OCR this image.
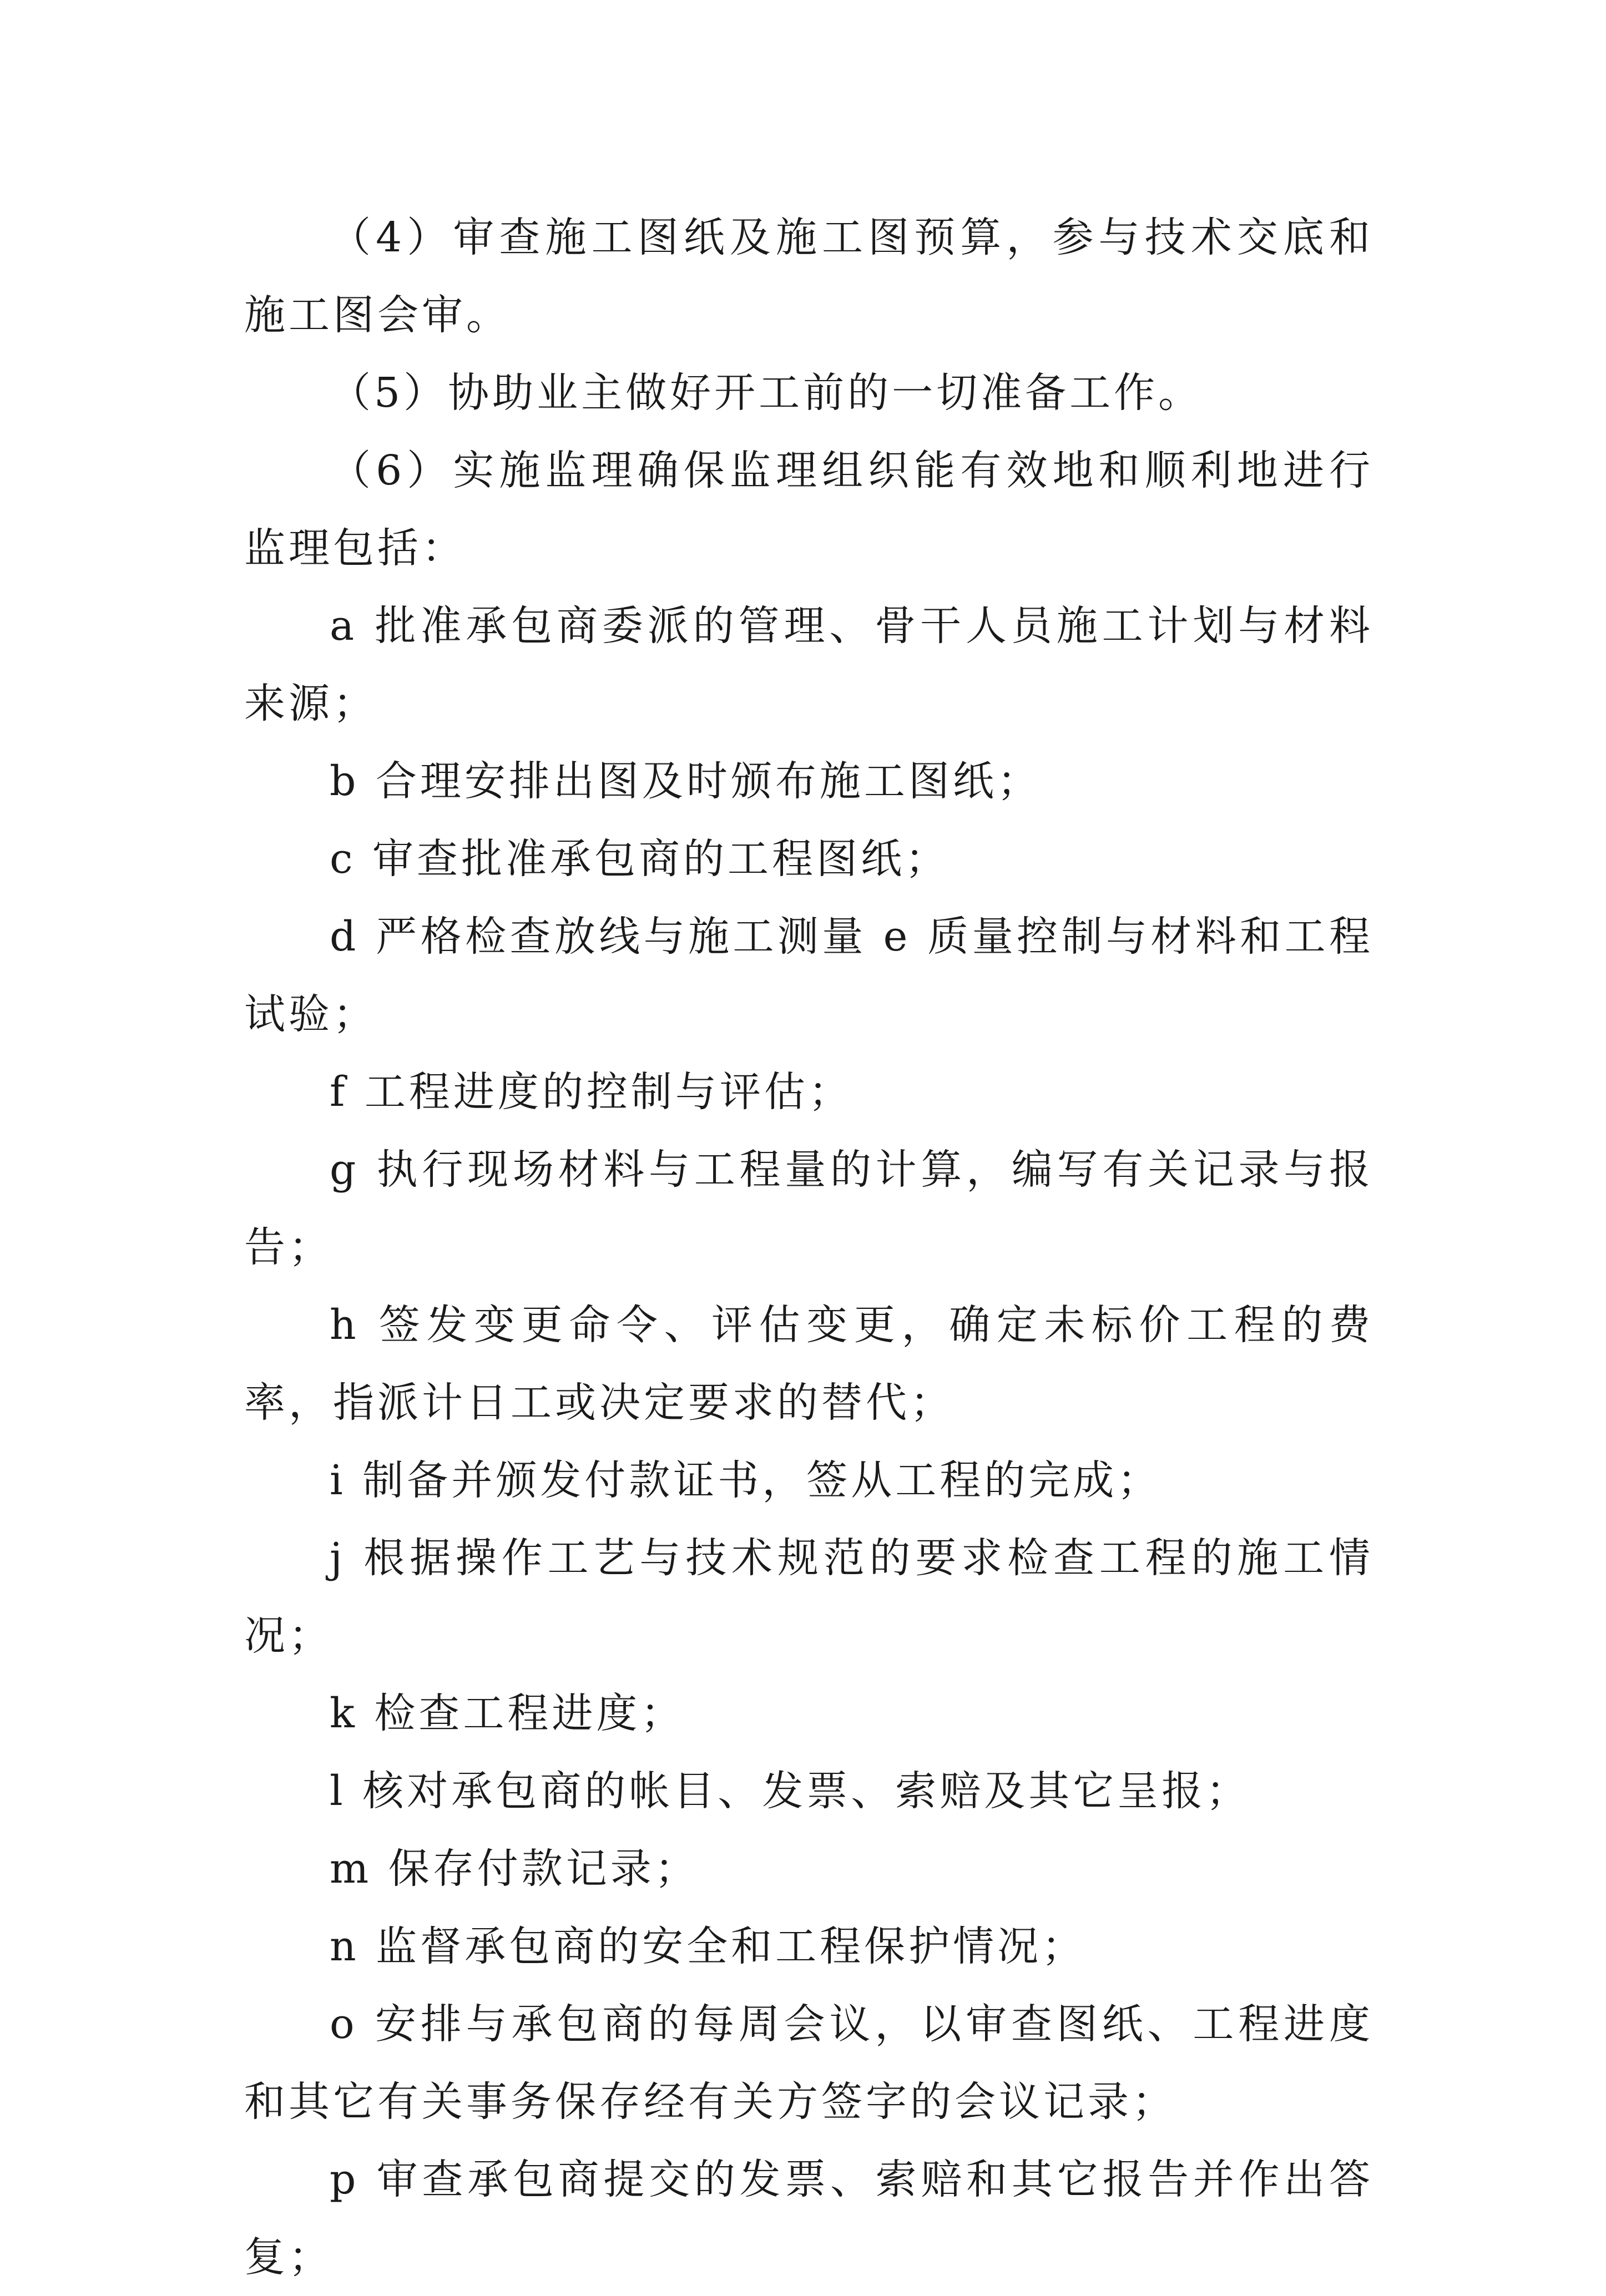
（4）审查施工图纸及施工图预算，参与技术交底和施工图会审。

（5）协助业主做好开工前的一切准备工作。

（6）实施监理确保监理组织能有效地和顺利地进行监理包括：

a 批准承包商委派的管理、骨干人员施工计划与材料来源；

b 合理安排出图及时颁布施工图纸；

c 审查批准承包商的工程图纸；

d 严格检查放线与施工测量 e 质量控制与材料和工程试验；

f 工程进度的控制与评估；

g 执行现场材料与工程量的计算，编写有关记录与报告；

h 签发变更命令、评估变更，确定未标价工程的费率，指派计日工或决定要求的替代；

i 制备并颁发付款证书，签从工程的完成；

j 根据操作工艺与技术规范的要求检查工程的施工情况；

k 检查工程进度；

l 核对承包商的帐目、发票、索赔及其它呈报；

m 保存付款记录；

n 监督承包商的安全和工程保护情况；

o 安排与承包商的每周会议，以审查图纸、工程进度和其它有关事务保存经有关方签字的会议记录；

p 审查承包商提交的发票、索赔和其它报告并作出答复；
